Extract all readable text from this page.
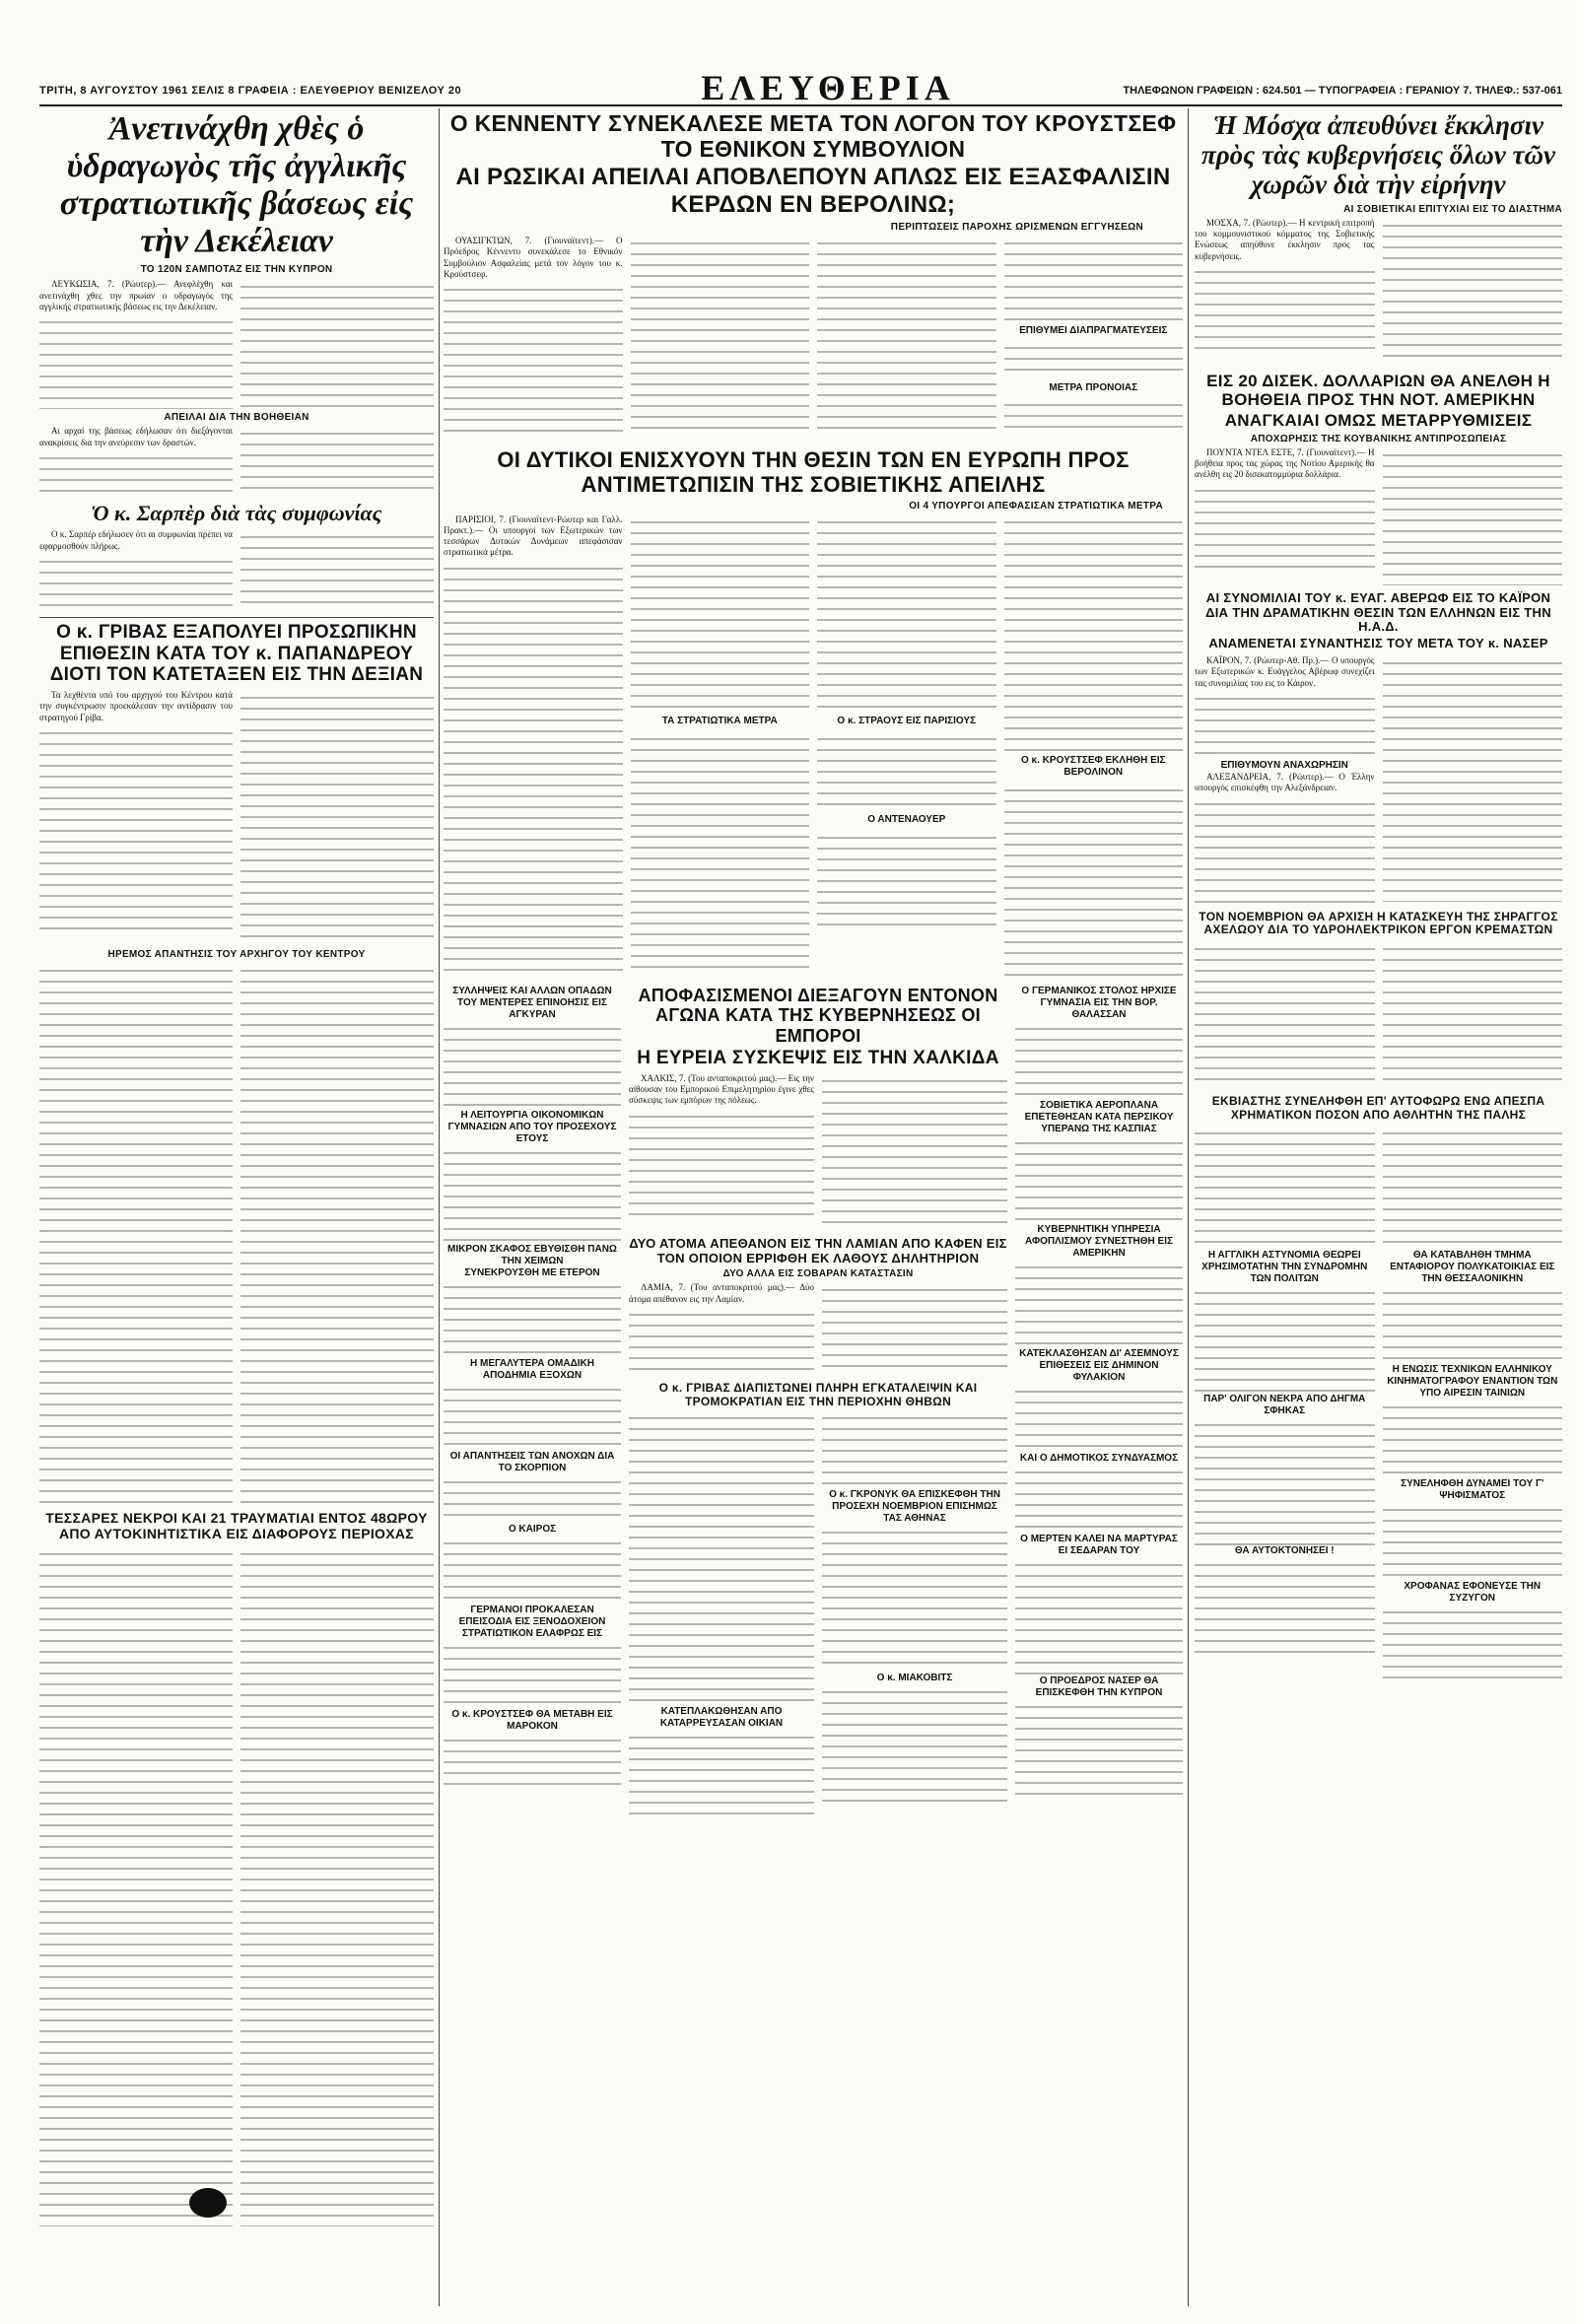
ΤΡΙΤΗ, 8 ΑΥΓΟΥΣΤΟΥ 1961 ΣΕΛΙΣ 8 ΓΡΑΦΕΙΑ : ΕΛΕΥΘΕΡΙΟΥ ΒΕΝΙΖΕΛΟΥ 20	ΕΛΕΥΘΕΡΙΑ	ΤΗΛΕΦΩΝΟΝ ΓΡΑΦΕΙΩΝ : 624.501 — ΤΥΠΟΓΡΑΦΕΙΑ : ΓΕΡΑΝΙΟΥ 7. ΤΗΛΕΦ.: 537-061
Ἀνετινάχθη χθὲς ὁ ὑδραγωγὸς τῆς ἀγγλικῆς στρατιωτικῆς βάσεως εἰς τὴν Δεκέλειαν
ΤΟ 120Ν ΣΑΜΠΟΤΑΖ ΕΙΣ ΤΗΝ ΚΥΠΡΟΝ

ΛΕΥΚΩΣΙΑ, 7. (Ρώυτερ).— Ανεφλέχθη και ανετινάχθη χθες την πρωίαν ο υδραγωγός της αγγλικής στρατιωτικής βάσεως εις την Δεκέλειαν.

ΑΠΕΙΛΑΙ ΔΙΑ ΤΗΝ ΒΟΗΘΕΙΑΝ

Αι αρχαί της βάσεως εδήλωσαν ότι διεξάγονται ανακρίσεις δια την ανεύρεσιν των δραστών.

Ὁ κ. Σαρπὲρ διὰ τὰς συμφωνίας

Ο κ. Σαρπέρ εδήλωσεν ότι αι συμφωνίαι πρέπει να εφαρμοσθούν πλήρως.

Ο κ. ΓΡΙΒΑΣ ΕΞΑΠΟΛΥΕΙ ΠΡΟΣΩΠΙΚΗΝ ΕΠΙΘΕΣΙΝ ΚΑΤΑ ΤΟΥ κ. ΠΑΠΑΝΔΡΕΟΥ ΔΙΟΤΙ ΤΟΝ ΚΑΤΕΤΑΞΕΝ ΕΙΣ ΤΗΝ ΔΕΞΙΑΝ

Τα λεχθέντα υπό του αρχηγού του Κέντρου κατά την συγκέντρωσιν προεκάλεσαν την αντίδρασιν του στρατηγού Γρίβα.

ΗΡΕΜΟΣ ΑΠΑΝΤΗΣΙΣ ΤΟΥ ΑΡΧΗΓΟΥ ΤΟΥ ΚΕΝΤΡΟΥ
ΤΕΣΣΑΡΕΣ ΝΕΚΡΟΙ ΚΑΙ 21 ΤΡΑΥΜΑΤΙΑΙ ΕΝΤΟΣ 48ΩΡΟΥ ΑΠΟ ΑΥΤΟΚΙΝΗΤΙΣΤΙΚΑ ΕΙΣ ΔΙΑΦΟΡΟΥΣ ΠΕΡΙΟΧΑΣ
Ο ΚΕΝΝΕΝΤΥ ΣΥΝΕΚΑΛΕΣΕ ΜΕΤΑ ΤΟΝ ΛΟΓΟΝ ΤΟΥ ΚΡΟΥΣΤΣΕΦ ΤΟ ΕΘΝΙΚΟΝ ΣΥΜΒΟΥΛΙΟΝ
ΑΙ ΡΩΣΙΚΑΙ ΑΠΕΙΛΑΙ ΑΠΟΒΛΕΠΟΥΝ ΑΠΛΩΣ ΕΙΣ ΕΞΑΣΦΑΛΙΣΙΝ ΚΕΡΔΩΝ ΕΝ ΒΕΡΟΛΙΝΩ;
ΠΕΡΙΠΤΩΣΕΙΣ ΠΑΡΟΧΗΣ ΩΡΙΣΜΕΝΩΝ ΕΓΓΥΗΣΕΩΝ

ΟΥΑΣΙΓΚΤΩΝ, 7. (Γιουναϊτεντ).— Ο Πρόεδρος Κέννεντυ συνεκάλεσε το Εθνικόν Συμβούλιον Ασφαλείας μετά τον λόγον του κ. Κρούστσεφ.

ΕΠΙΘΥΜΕΙ ΔΙΑΠΡΑΓΜΑΤΕΥΣΕΙΣ
ΜΕΤΡΑ ΠΡΟΝΟΙΑΣ
ΟΙ ΔΥΤΙΚΟΙ ΕΝΙΣΧΥΟΥΝ ΤΗΝ ΘΕΣΙΝ ΤΩΝ ΕΝ ΕΥΡΩΠΗ ΠΡΟΣ ΑΝΤΙΜΕΤΩΠΙΣΙΝ ΤΗΣ ΣΟΒΙΕΤΙΚΗΣ ΑΠΕΙΛΗΣ
ΟΙ 4 ΥΠΟΥΡΓΟΙ ΑΠΕΦΑΣΙΣΑΝ ΣΤΡΑΤΙΩΤΙΚΑ ΜΕΤΡΑ

ΠΑΡΙΣΙΟΙ, 7. (Γιουναϊτεντ-Ρώυτερ και Γαλλ. Πρακτ.).— Οι υπουργοί των Εξωτερικών των τεσσάρων Δυτικών Δυνάμεων απεφάσισαν στρατιωτικά μέτρα.

ΤΑ ΣΤΡΑΤΙΩΤΙΚΑ ΜΕΤΡΑ	Ο κ. ΣΤΡΑΟΥΣ ΕΙΣ ΠΑΡΙΣΙΟΥΣ
Ο ΑΝΤΕΝΑΟΥΕΡ
Ο κ. ΚΡΟΥΣΤΣΕΦ ΕΚΛΗΘΗ ΕΙΣ ΒΕΡΟΛΙΝΟΝ
ΣΥΛΛΗΨΕΙΣ ΚΑΙ ΑΛΛΩΝ ΟΠΑΔΩΝ ΤΟΥ ΜΕΝΤΕΡΕΣ ΕΠΙΝΟΗΣΙΣ ΕΙΣ ΑΓΚΥΡΑΝ
Η ΛΕΙΤΟΥΡΓΙΑ ΟΙΚΟΝΟΜΙΚΩΝ ΓΥΜΝΑΣΙΩΝ ΑΠΟ ΤΟΥ ΠΡΟΣΕΧΟΥΣ ΕΤΟΥΣ
ΜΙΚΡΟΝ ΣΚΑΦΟΣ ΕΒΥΘΙΣΘΗ ΠΑΝΩ ΤΗΝ ΧΕΙΜΩΝ
ΣΥΝΕΚΡΟΥΣΘΗ ΜΕ ΕΤΕΡΟΝ
Η ΜΕΓΑΛΥΤΕΡΑ ΟΜΑΔΙΚΗ ΑΠΟΔΗΜΙΑ ΕΞΟΧΩΝ
ΟΙ ΑΠΑΝΤΗΣΕΙΣ ΤΩΝ ΑΝΟΧΩΝ ΔΙΑ ΤΟ ΣΚΟΡΠΙΟΝ
Ο ΚΑΙΡΟΣ
ΓΕΡΜΑΝΟΙ ΠΡΟΚΑΛΕΣΑΝ ΕΠΕΙΣΟΔΙΑ ΕΙΣ ΞΕΝΟΔΟΧΕΙΟΝ ΣΤΡΑΤΙΩΤΙΚΟΝ ΕΛΑΦΡΩΣ ΕΙΣ
Ο κ. ΚΡΟΥΣΤΣΕΦ ΘΑ ΜΕΤΑΒΗ ΕΙΣ ΜΑΡΟΚΟΝ
ΑΠΟΦΑΣΙΣΜΕΝΟΙ ΔΙΕΞΑΓΟΥΝ ΕΝΤΟΝΟΝ ΑΓΩΝΑ ΚΑΤΑ ΤΗΣ ΚΥΒΕΡΝΗΣΕΩΣ ΟΙ ΕΜΠΟΡΟΙ
Η ΕΥΡΕΙΑ ΣΥΣΚΕΨΙΣ ΕΙΣ ΤΗΝ ΧΑΛΚΙΔΑ

ΧΑΛΚΙΣ, 7. (Του ανταποκριτού μας).— Εις την αίθουσαν του Εμπορικού Επιμελητηρίου έγινε χθες σύσκεψις των εμπόρων της πόλεως.

ΔΥΟ ΑΤΟΜΑ ΑΠΕΘΑΝΟΝ ΕΙΣ ΤΗΝ ΛΑΜΙΑΝ ΑΠΟ ΚΑΦΕΝ ΕΙΣ ΤΟΝ ΟΠΟΙΟΝ ΕΡΡΙΦΘΗ ΕΚ ΛΑΘΟΥΣ ΔΗΛΗΤΗΡΙΟΝ
ΔΥΟ ΑΛΛΑ ΕΙΣ ΣΟΒΑΡΑΝ ΚΑΤΑΣΤΑΣΙΝ

ΛΑΜΙΑ, 7. (Του ανταποκριτού μας).— Δύο άτομα απέθανον εις την Λαμίαν.

Ο κ. ΓΡΙΒΑΣ ΔΙΑΠΙΣΤΩΝΕΙ ΠΛΗΡΗ ΕΓΚΑΤΑΛΕΙΨΙΝ ΚΑΙ ΤΡΟΜΟΚΡΑΤΙΑΝ ΕΙΣ ΤΗΝ ΠΕΡΙΟΧΗΝ ΘΗΒΩΝ
ΚΑΤΕΠΛΑΚΩΘΗΣΑΝ ΑΠΟ ΚΑΤΑΡΡΕΥΣΑΣΑΝ ΟΙΚΙΑΝ
Ο κ. ΓΚΡΟΝΥΚ ΘΑ ΕΠΙΣΚΕΦΘΗ ΤΗΝ ΠΡΟΣΕΧΗ ΝΟΕΜΒΡΙΟΝ ΕΠΙΣΗΜΩΣ ΤΑΣ ΑΘΗΝΑΣ
Ο κ. ΜΙΑΚΟΒΙΤΣ
Ο ΓΕΡΜΑΝΙΚΟΣ ΣΤΟΛΟΣ ΗΡΧΙΣΕ ΓΥΜΝΑΣΙΑ ΕΙΣ ΤΗΝ ΒΟΡ. ΘΑΛΑΣΣΑΝ
ΣΟΒΙΕΤΙΚΑ ΑΕΡΟΠΛΑΝΑ ΕΠΕΤΕΘΗΣΑΝ ΚΑΤΑ ΠΕΡΣΙΚΟΥ ΥΠΕΡΑΝΩ ΤΗΣ ΚΑΣΠΙΑΣ
ΚΥΒΕΡΝΗΤΙΚΗ ΥΠΗΡΕΣΙΑ ΑΦΟΠΛΙΣΜΟΥ ΣΥΝΕΣΤΗΘΗ ΕΙΣ ΑΜΕΡΙΚΗΝ
ΚΑΤΕΚΛΑΣΘΗΣΑΝ ΔΙ' ΑΣΕΜΝΟΥΣ ΕΠΙΘΕΣΕΙΣ ΕΙΣ ΔΗΜΙΝΟΝ ΦΥΛΑΚΙΟΝ
ΚΑΙ Ο ΔΗΜΟΤΙΚΟΣ ΣΥΝΔΥΑΣΜΟΣ
Ο ΜΕΡΤΕΝ ΚΑΛΕΙ ΝΑ ΜΑΡΤΥΡΑΣ ΕΙ ΣΕΔΑΡΑΝ ΤΟΥ
Ο ΠΡΟΕΔΡΟΣ ΝΑΣΕΡ ΘΑ ΕΠΙΣΚΕΦΘΗ ΤΗΝ ΚΥΠΡΟΝ
Ἡ Μόσχα ἀπευθύνει ἔκκλησιν πρὸς τὰς κυβερνήσεις ὅλων τῶν χωρῶν διὰ τὴν εἰρήνην
ΑΙ ΣΟΒΙΕΤΙΚΑΙ ΕΠΙΤΥΧΙΑΙ ΕΙΣ ΤΟ ΔΙΑΣΤΗΜΑ

ΜΟΣΧΑ, 7. (Ρώυτερ).— Η κεντρική επιτροπή του κομμουνιστικού κόμματος της Σοβιετικής Ενώσεως απηύθυνε έκκλησιν προς τας κυβερνήσεις.

ΕΙΣ 20 ΔΙΣΕΚ. ΔΟΛΛΑΡΙΩΝ ΘΑ ΑΝΕΛΘΗ Η ΒΟΗΘΕΙΑ ΠΡΟΣ ΤΗΝ ΝΟΤ. ΑΜΕΡΙΚΗΝ
ΑΝΑΓΚΑΙΑΙ ΟΜΩΣ ΜΕΤΑΡΡΥΘΜΙΣΕΙΣ
ΑΠΟΧΩΡΗΣΙΣ ΤΗΣ ΚΟΥΒΑΝΙΚΗΣ ΑΝΤΙΠΡΟΣΩΠΕΙΑΣ

ΠΟΥΝΤΑ ΝΤΕΛ ΕΣΤΕ, 7. (Γιουναϊτεντ).— Η βοήθεια προς τας χώρας της Νοτίου Αμερικής θα ανέλθη εις 20 δισεκατομμύρια δολλάρια.

ΑΙ ΣΥΝΟΜΙΛΙΑΙ ΤΟΥ κ. ΕΥΑΓ. ΑΒΕΡΩΦ ΕΙΣ ΤΟ ΚΑΪΡΟΝ ΔΙΑ ΤΗΝ ΔΡΑΜΑΤΙΚΗΝ ΘΕΣΙΝ ΤΩΝ ΕΛΛΗΝΩΝ ΕΙΣ ΤΗΝ Η.Α.Δ.
ΑΝΑΜΕΝΕΤΑΙ ΣΥΝΑΝΤΗΣΙΣ ΤΟΥ ΜΕΤΑ ΤΟΥ κ. ΝΑΣΕΡ

ΚΑΪΡΟΝ, 7. (Ρώυτερ-Αθ. Πρ.).— Ο υπουργός των Εξωτερικών κ. Ευάγγελος Αβέρωφ συνεχίζει τας συνομιλίας του εις το Κάιρον.

ΕΠΙΘΥΜΟΥΝ ΑΝΑΧΩΡΗΣΙΝ

ΑΛΕΞΑΝΔΡΕΙΑ, 7. (Ρώυτερ).— Ο Έλλην υπουργός επισκέφθη την Αλεξάνδρειαν.

ΤΟΝ ΝΟΕΜΒΡΙΟΝ ΘΑ ΑΡΧΙΣΗ Η ΚΑΤΑΣΚΕΥΗ ΤΗΣ ΣΗΡΑΓΓΟΣ ΑΧΕΛΩΟΥ ΔΙΑ ΤΟ ΥΔΡΟΗΛΕΚΤΡΙΚΟΝ ΕΡΓΟΝ ΚΡΕΜΑΣΤΩΝ
ΕΚΒΙΑΣΤΗΣ ΣΥΝΕΛΗΦΘΗ ΕΠ' ΑΥΤΟΦΩΡΩ ΕΝΩ ΑΠΕΣΠΑ ΧΡΗΜΑΤΙΚΟΝ ΠΟΣΟΝ ΑΠΟ ΑΘΛΗΤΗΝ ΤΗΣ ΠΑΛΗΣ
Η ΑΓΓΛΙΚΗ ΑΣΤΥΝΟΜΙΑ ΘΕΩΡΕΙ ΧΡΗΣΙΜΟΤΑΤΗΝ ΤΗΝ ΣΥΝΔΡΟΜΗΝ ΤΩΝ ΠΟΛΙΤΩΝ
ΠΑΡ' ΟΛΙΓΟΝ ΝΕΚΡΑ ΑΠΟ ΔΗΓΜΑ ΣΦΗΚΑΣ
ΘΑ ΑΥΤΟΚΤΟΝΗΣΕΙ !
ΘΑ ΚΑΤΑΒΛΗΘΗ ΤΜΗΜΑ ΕΝΤΑΦΙΟΡΟΥ ΠΟΛΥΚΑΤΟΙΚΙΑΣ ΕΙΣ ΤΗΝ ΘΕΣΣΑΛΟΝΙΚΗΝ
Η ΕΝΩΣΙΣ ΤΕΧΝΙΚΩΝ ΕΛΛΗΝΙΚΟΥ ΚΙΝΗΜΑΤΟΓΡΑΦΟΥ ΕΝΑΝΤΙΟΝ ΤΩΝ ΥΠΟ ΑΙΡΕΣΙΝ ΤΑΙΝΙΩΝ
ΣΥΝΕΛΗΦΘΗ ΔΥΝΑΜΕΙ ΤΟΥ Γ' ΨΗΦΙΣΜΑΤΟΣ
ΧΡΟΦΑΝΑΣ ΕΦΟΝΕΥΣΕ ΤΗΝ ΣΥΖΥΓΟΝ
